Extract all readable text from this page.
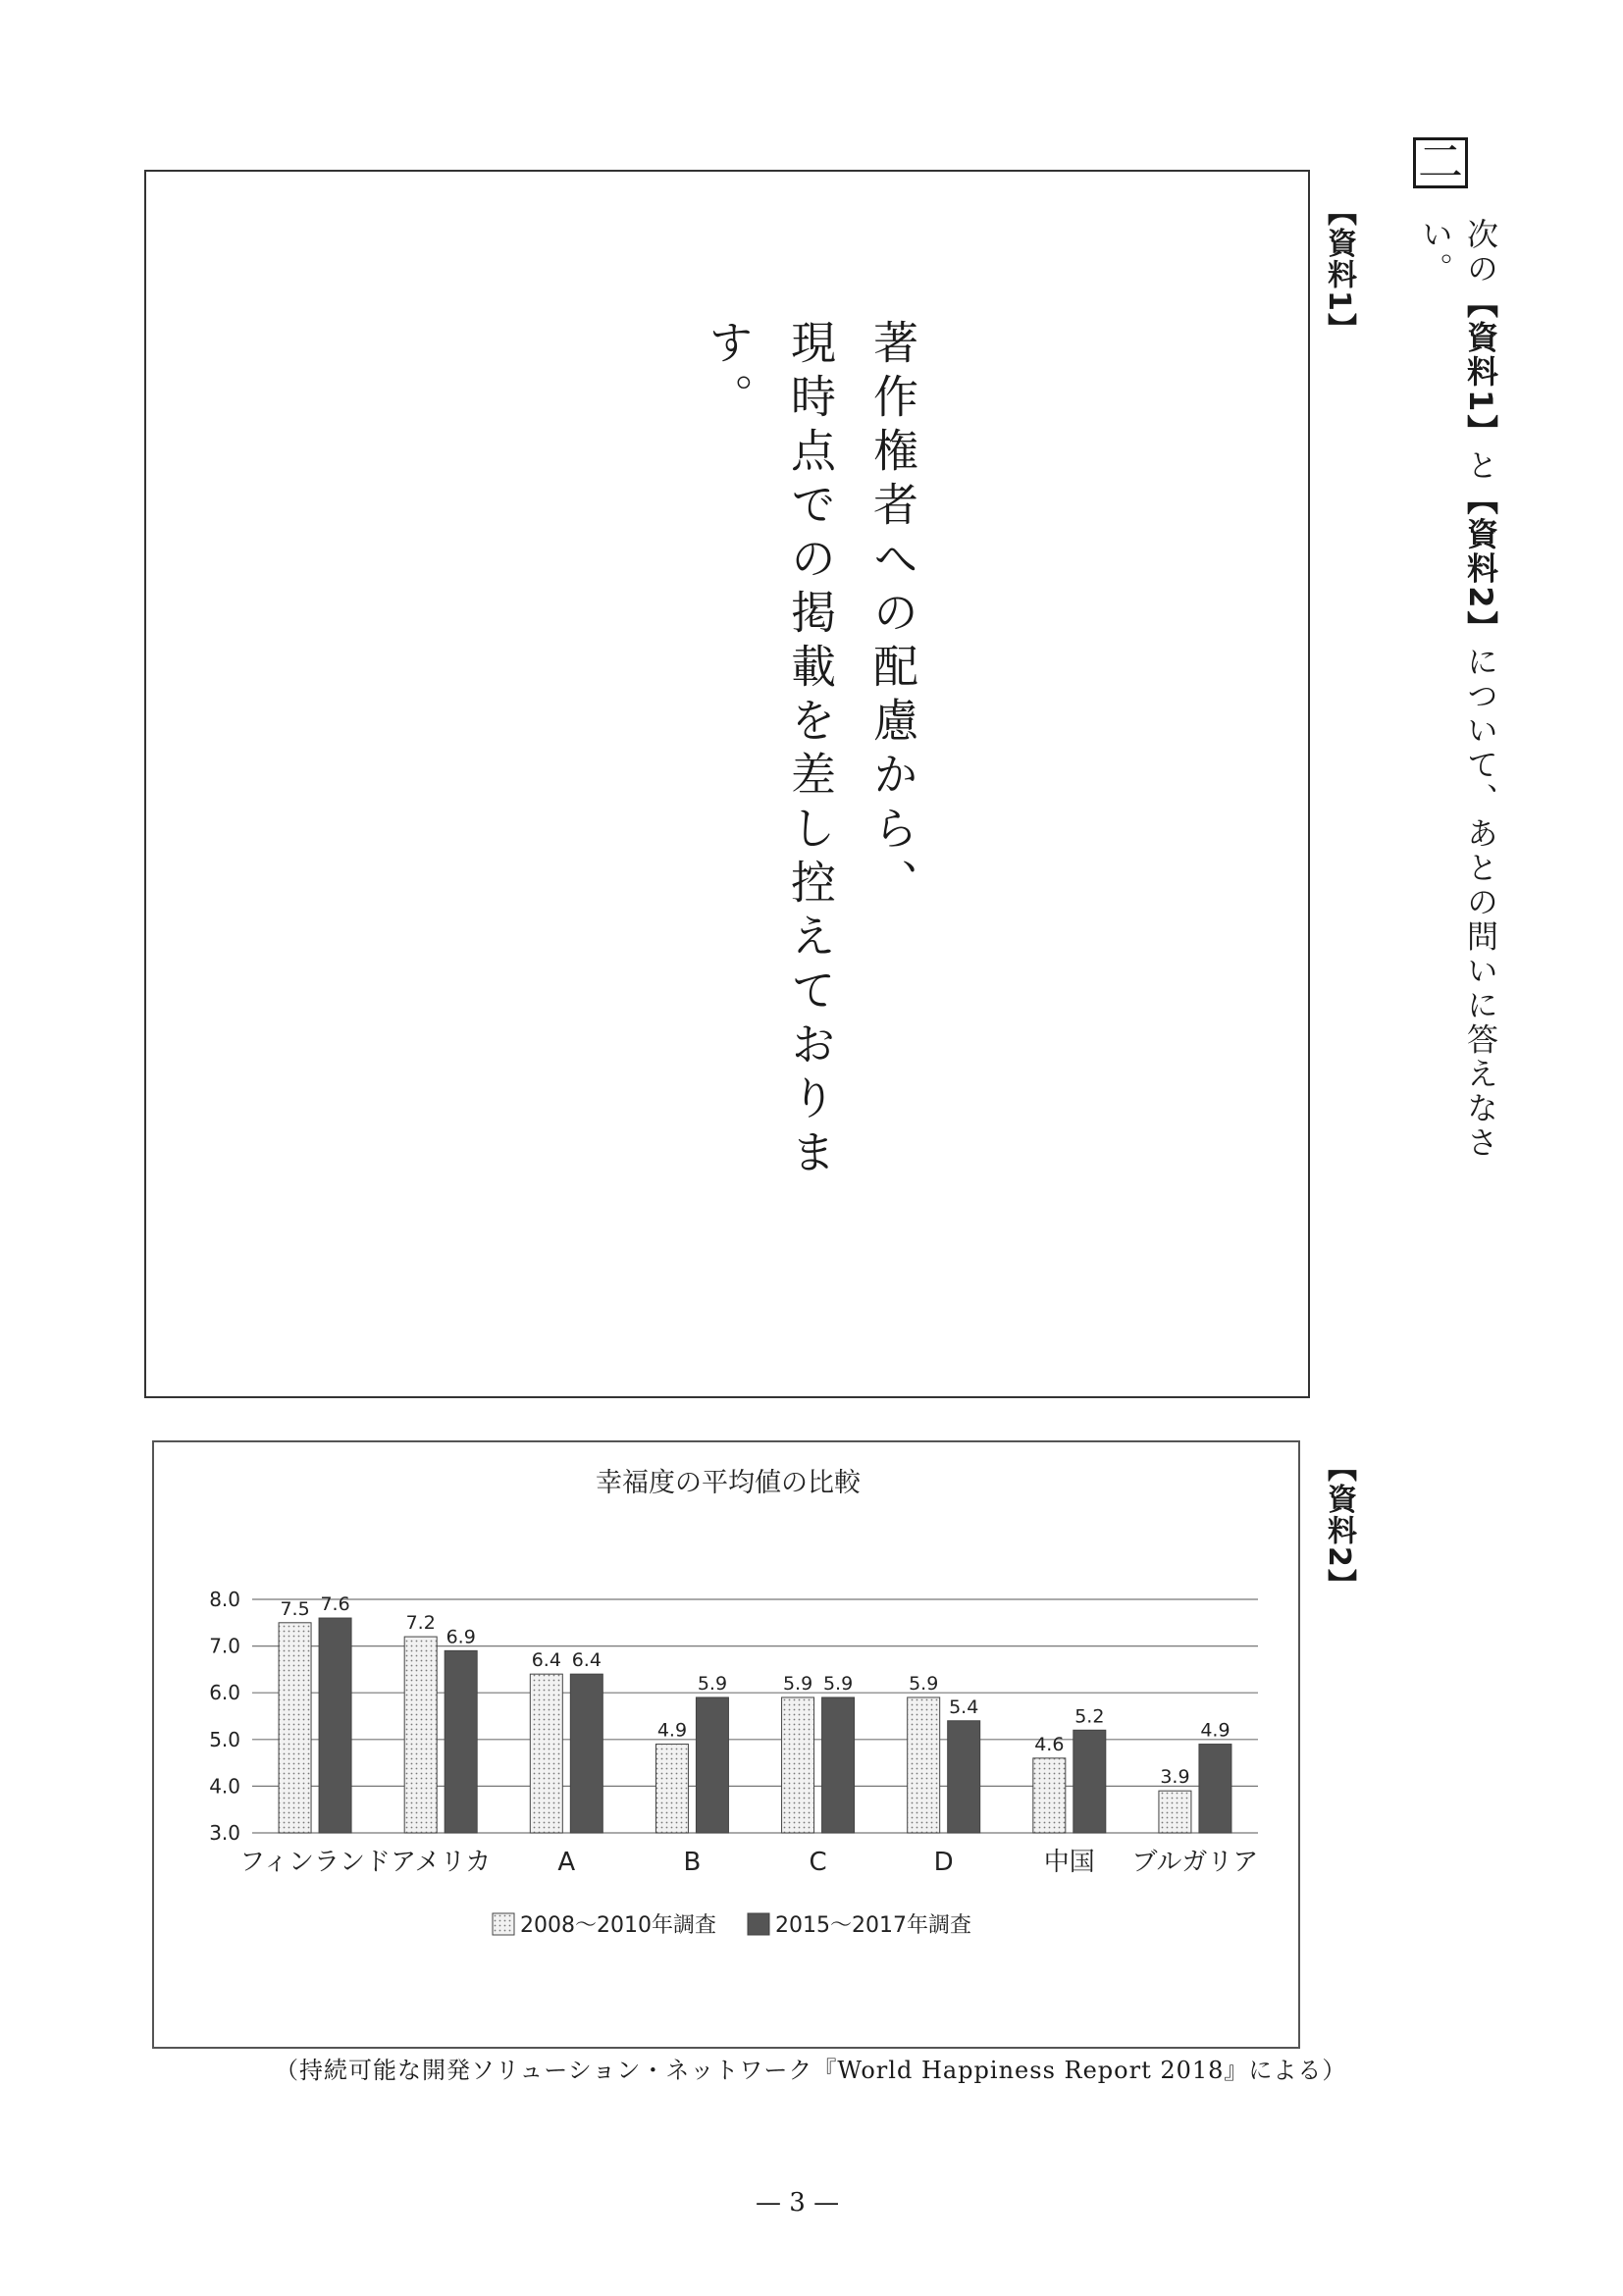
二
次の【資料1】と【資料2】について、あとの問いに答えなさい。
【資料1】
著作権者への配慮から、
現時点での掲載を差し控えております。
【資料2】
幸福度の平均値の比較
3.0
4.0
5.0
6.0
7.0
8.0 7.5 7.6
フィンランド
7.2
6.9
アメリカ
6.4 6.4
A
4.9
5.9
B
5.9 5.9
C
5.9
5.4
D
4.6
5.2
中国
3.9
4.9
ブルガリア
2008〜2010年調査	2015〜2017年調査
（持続可能な開発ソリューション・ネットワーク『World Happiness Report 2018』による）
— 3 —
